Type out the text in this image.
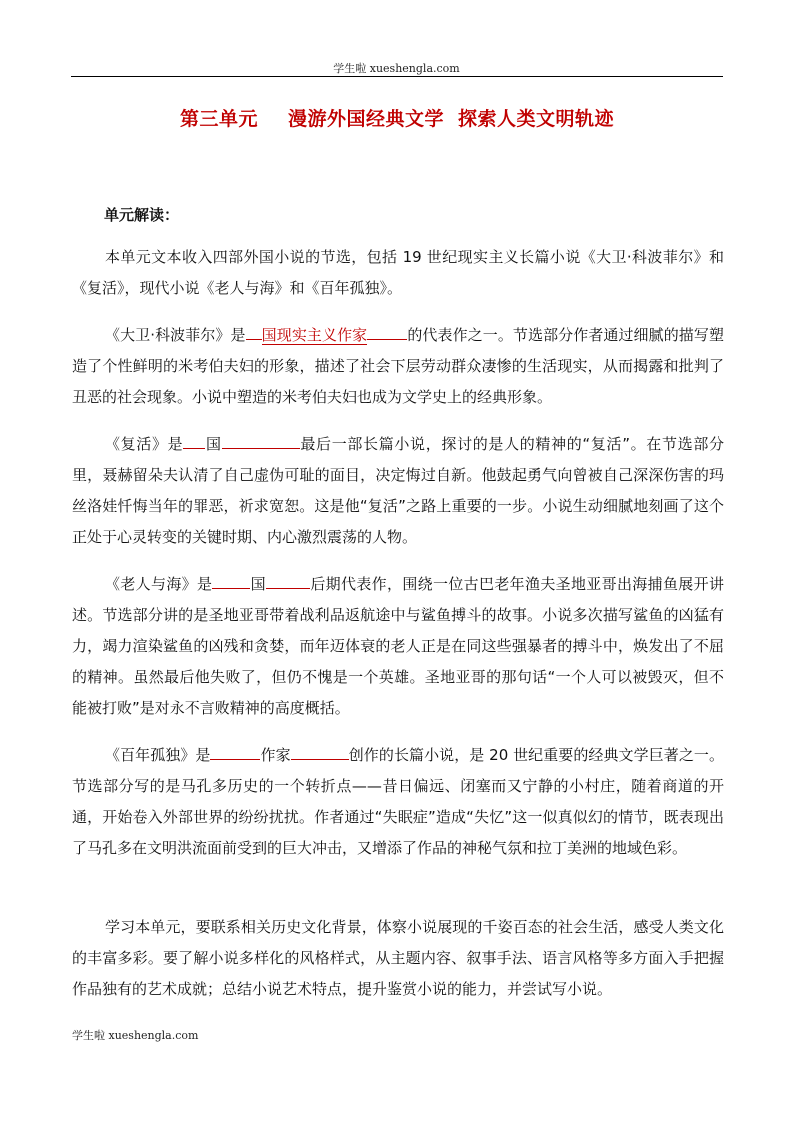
学生啦 xueshengla.com
第三单元 漫游外国经典文学 探索人类文明轨迹
单元解读：

本单元文本收入四部外国小说的节选，包括 19 世纪现实主义长篇小说《大卫·科波菲尔》和《复活》，现代小说《老人与海》和《百年孤独》。

《大卫·科波菲尔》是 国现实主义作家	的代表作之一。节选部分作者通过细腻的描写塑造了个性鲜明的米考伯夫妇的形象，描述了社会下层劳动群众凄惨的生活现实，从而揭露和批判了丑恶的社会现象。小说中塑造的米考伯夫妇也成为文学史上的经典形象。

《复活》是 国	最后一部长篇小说，探讨的是人的精神的“复活”。在节选部分里，聂赫留朵夫认清了自己虚伪可耻的面目，决定悔过自新。他鼓起勇气向曾被自己深深伤害的玛丝洛娃忏悔当年的罪恶，祈求宽恕。这是他“复活”之路上重要的一步。小说生动细腻地刻画了这个正处于心灵转变的关键时期、内心激烈震荡的人物。

《老人与海》是	国	后期代表作，围绕一位古巴老年渔夫圣地亚哥出海捕鱼展开讲述。节选部分讲的是圣地亚哥带着战利品返航途中与鲨鱼搏斗的故事。小说多次描写鲨鱼的凶猛有力，竭力渲染鲨鱼的凶残和贪婪，而年迈体衰的老人正是在同这些强暴者的搏斗中，焕发出了不屈的精神。虽然最后他失败了，但仍不愧是一个英雄。圣地亚哥的那句话“一个人可以被毁灭，但不能被打败”是对永不言败精神的高度概括。

《百年孤独》是	作家	创作的长篇小说，是 20 世纪重要的经典文学巨著之一。节选部分写的是马孔多历史的一个转折点——昔日偏远、闭塞而又宁静的小村庄，随着商道的开通，开始卷入外部世界的纷纷扰扰。作者通过“失眠症”造成“失忆”这一似真似幻的情节，既表现出了马孔多在文明洪流面前受到的巨大冲击，又增添了作品的神秘气氛和拉丁美洲的地域色彩。

学习本单元，要联系相关历史文化背景，体察小说展现的千姿百态的社会生活，感受人类文化的丰富多彩。要了解小说多样化的风格样式，从主题内容、叙事手法、语言风格等多方面入手把握作品独有的艺术成就；总结小说艺术特点，提升鉴赏小说的能力，并尝试写小说。

学生啦 xueshengla.com
